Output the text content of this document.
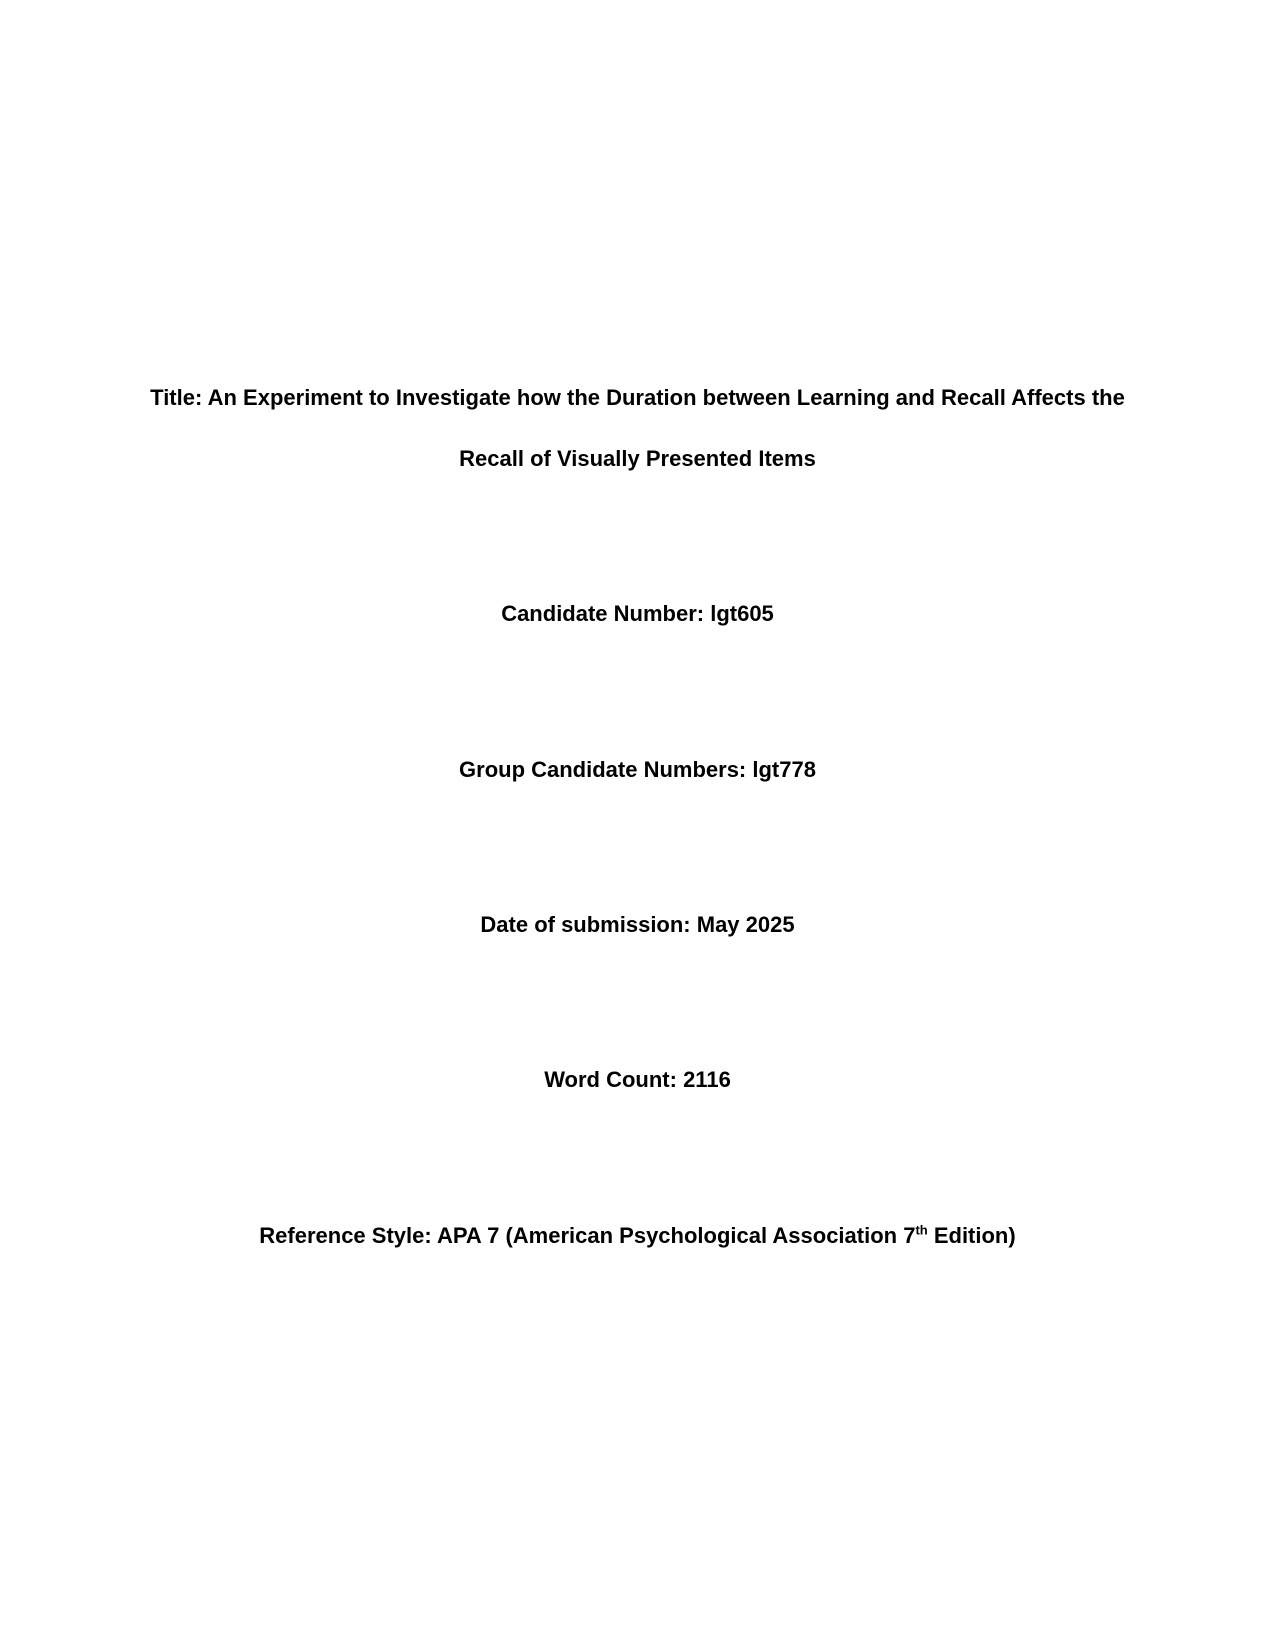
Title: An Experiment to Investigate how the Duration between Learning and Recall Affects the
Recall of Visually Presented Items
Candidate Number: lgt605
Group Candidate Numbers: lgt778
Date of submission: May 2025
Word Count: 2116
Reference Style: APA 7 (American Psychological Association 7th Edition)
